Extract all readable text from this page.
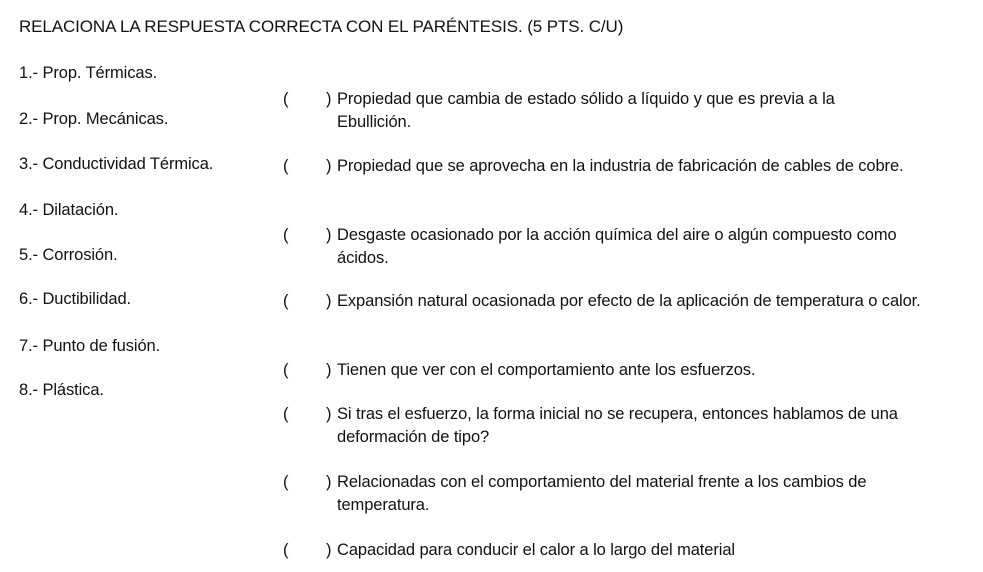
RELACIONA LA RESPUESTA CORRECTA CON EL PARÉNTESIS. (5 PTS. C/U)
1.- Prop. Térmicas.
2.- Prop. Mecánicas.
3.- Conductividad Térmica.
4.- Dilatación.
5.- Corrosión.
6.- Ductibilidad.
7.- Punto de fusión.
8.- Plástica.
( ) Propiedad que cambia de estado sólido a líquido y que es previa a la Ebullición.
( ) Propiedad que se aprovecha en la industria de fabricación de cables de cobre.
( ) Desgaste ocasionado por la acción química del aire o algún compuesto como ácidos.
( ) Expansión natural ocasionada por efecto de la aplicación de temperatura o calor.
( ) Tienen que ver con el comportamiento ante los esfuerzos.
( ) Si tras el esfuerzo, la forma inicial no se recupera, entonces hablamos de una deformación de tipo?
( ) Relacionadas con el comportamiento del material frente a los cambios de temperatura.
( ) Capacidad para conducir el calor a lo largo del material
